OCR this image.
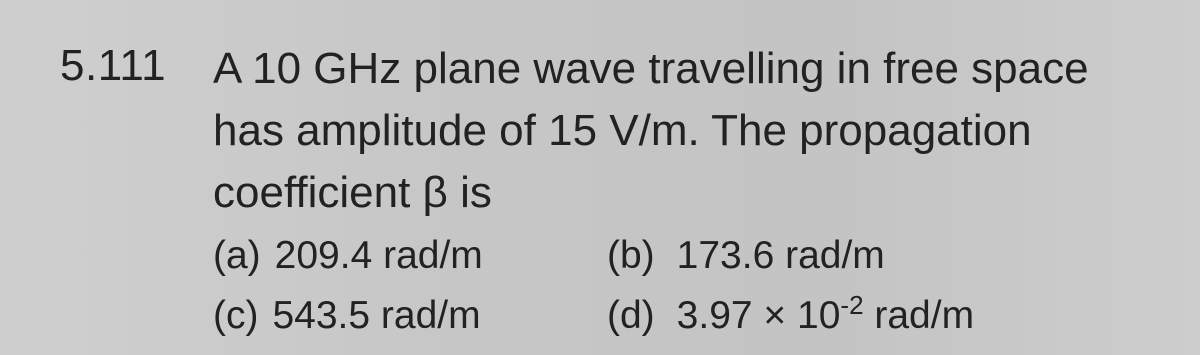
5.111 A 10 GHz plane wave travelling in free space
has amplitude of 15 V/m. The propagation
coefficient β is
(a) 209.4 rad/m	(b) 173.6 rad/m
(c) 543.5 rad/m	(d) $3.97 \times 10^{-2}$ rad/m
